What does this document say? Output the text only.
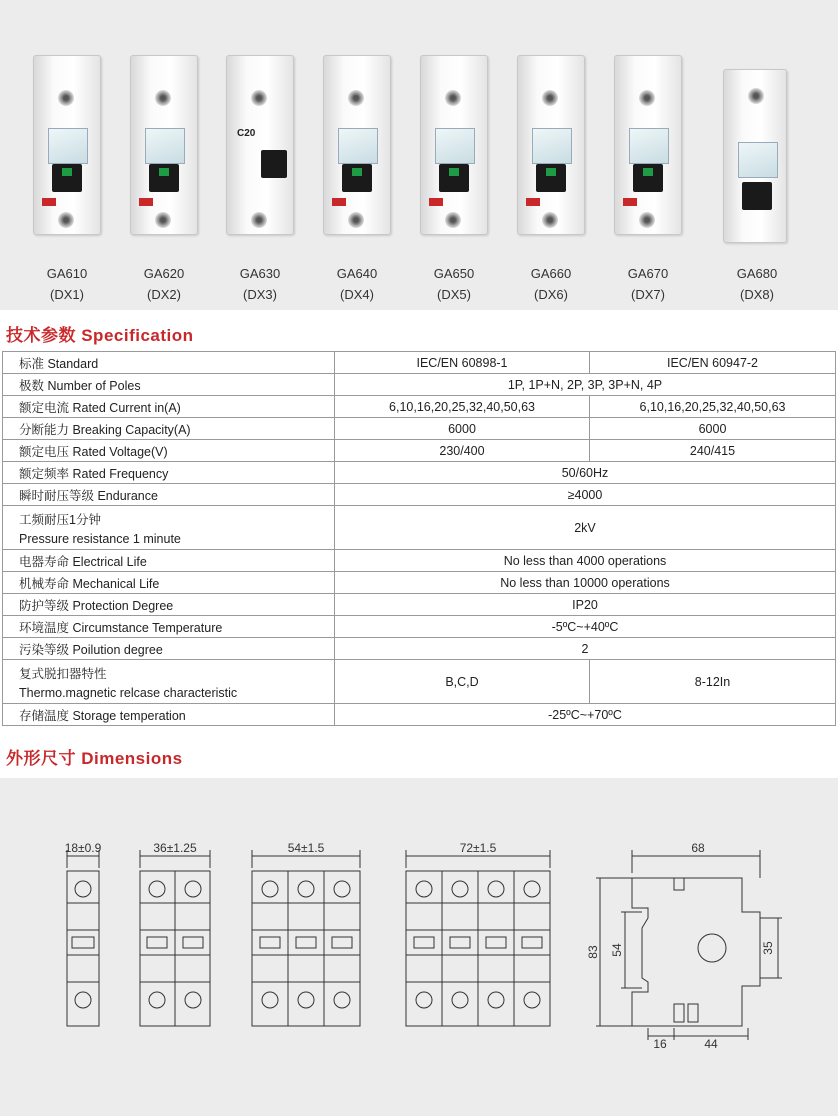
GA610
(DX1)
GA620
(DX2)
C20
GA630
(DX3)
GA640
(DX4)
GA650
(DX5)
GA660
(DX6)
GA670
(DX7)
GA680
(DX8)
技术参数 Specification
标准 Standard	IEC/EN 60898-1	IEC/EN 60947-2
极数 Number of Poles	1P, 1P+N, 2P, 3P, 3P+N, 4P	
额定电流 Rated Current in(A)	6,10,16,20,25,32,40,50,63	6,10,16,20,25,32,40,50,63
分断能力 Breaking Capacity(A)	6000	6000
额定电压 Rated Voltage(V)	230/400	240/415
额定频率 Rated Frequency	50/60Hz	
瞬时耐压等级 Endurance	≥4000	
工频耐压1分钟
Pressure resistance 1 minute	2kV	
电器寿命 Electrical Life	No less than 4000 operations	
机械寿命 Mechanical Life	No less than 10000 operations	
防护等级 Protection Degree	IP20	
环境温度 Circumstance Temperature	-5ºC~+40ºC	
污染等级 Poilution degree	2	
复式脱扣器特性
Thermo.magnetic relcase characteristic	B,C,D	8-12In
存储温度 Storage temperation	-25ºC~+70ºC	
外形尺寸 Dimensions
18±0.9	36±1.25	54±1.5	72±1.5	68
83 54	35
16	44
